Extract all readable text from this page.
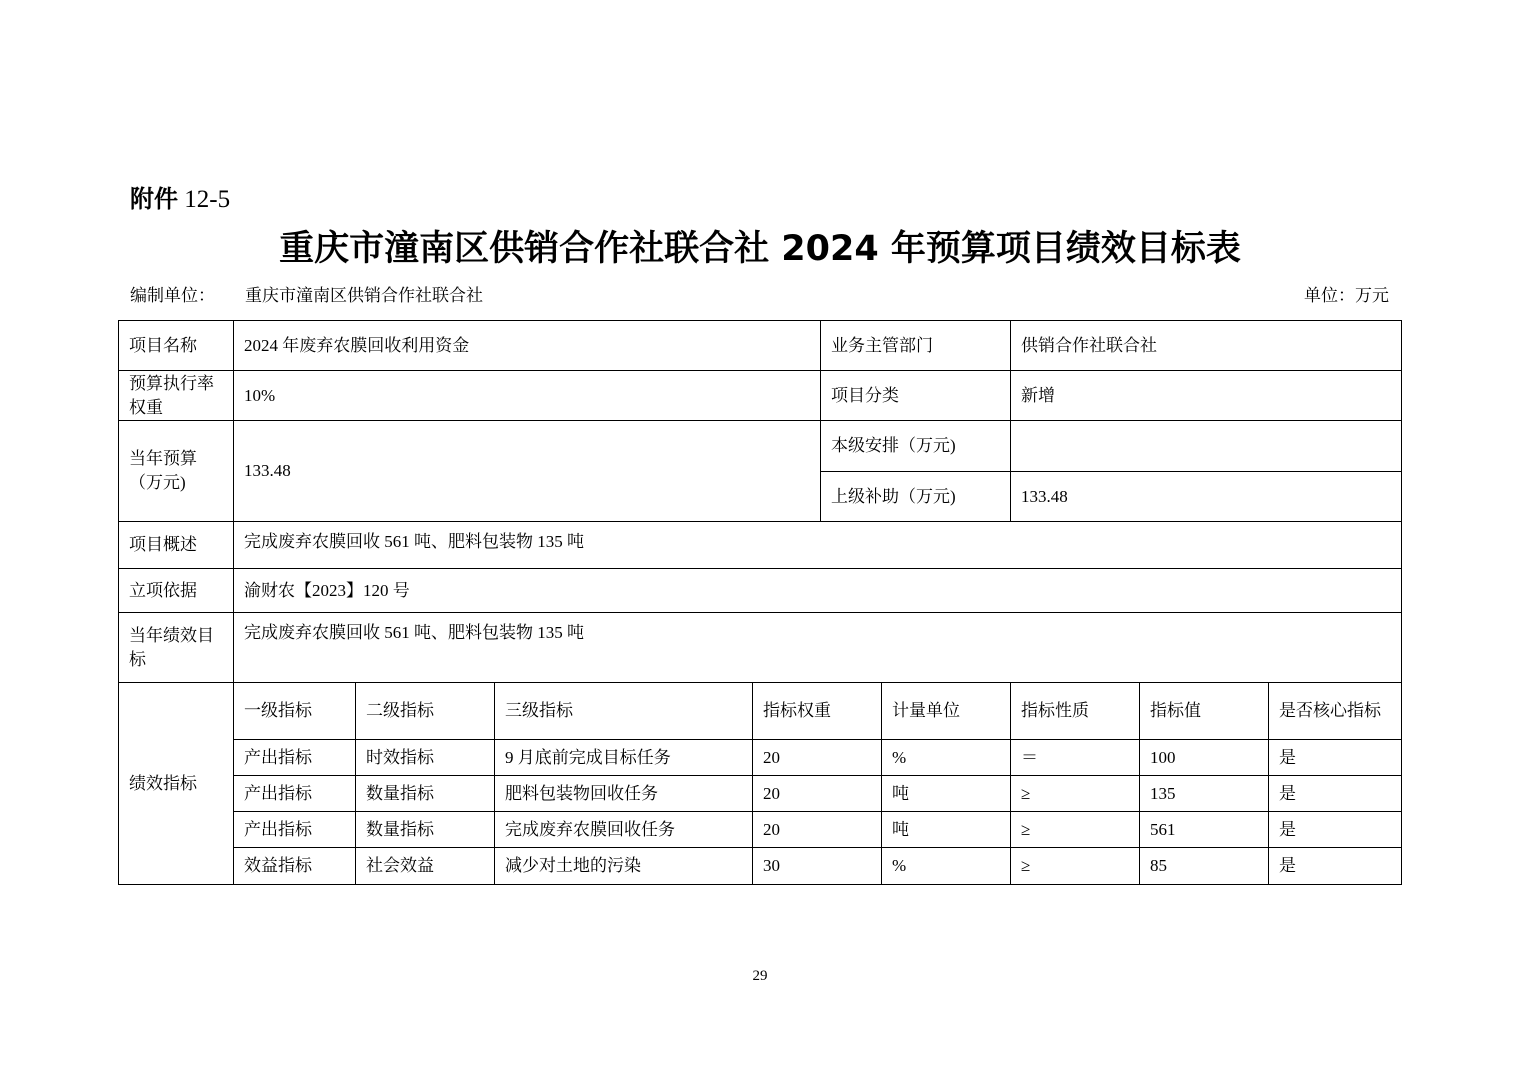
附件 12-5
重庆市潼南区供销合作社联合社 2024 年预算项目绩效目标表
编制单位： 重庆市潼南区供销合作社联合社	单位：万元
项目名称	2024 年废弃农膜回收利用资金				业务主管部门		供销合作社联合社		
预算执行率权重	10%				项目分类		新增		
当年预算（万元)	133.48				本级安排（万元)				
					上级补助（万元)		133.48		
项目概述	完成废弃农膜回收 561 吨、肥料包装物 135 吨								
立项依据	渝财农【2023】120 号								
当年绩效目标	完成废弃农膜回收 561 吨、肥料包装物 135 吨								
绩效指标	一级指标	二级指标	三级指标	指标权重		计量单位	指标性质	指标值	是否核心指标
	产出指标	时效指标	9 月底前完成目标任务	20		%	＝	100	是
	产出指标	数量指标	肥料包装物回收任务	20		吨	≥	135	是
	产出指标	数量指标	完成废弃农膜回收任务	20		吨	≥	561	是
	效益指标	社会效益	减少对土地的污染	30		%	≥	85	是
29
